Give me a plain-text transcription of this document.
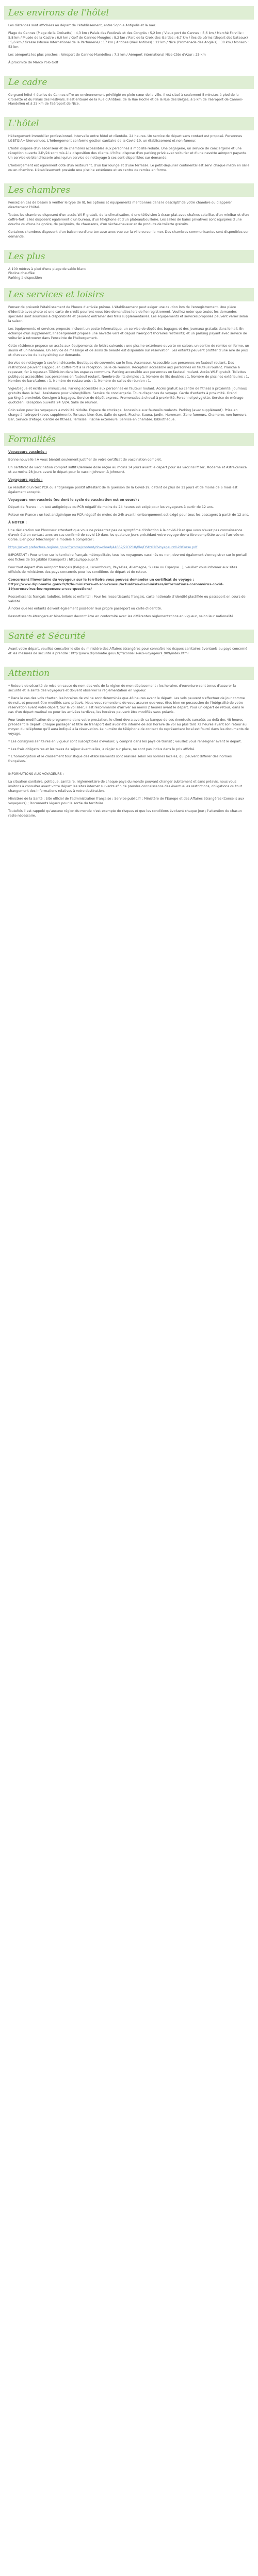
Les environs de l'hôtel

Les distances sont affichées au départ de l'établissement, entre Sophia Antipolis et la mer.

Plage de Cannes (Plage de la Croisette) : 4,3 km / Palais des Festivals et des Congrès : 5,2 km / Vieux port de Cannes : 5,6 km / Marché Forville : 5,8 km / Musée de la Castre : 6,0 km / Golf de Cannes-Mougins : 8,2 km / Parc de la Croix-des-Gardes : 6,7 km / Îles de Lérins (départ des bateaux) : 5,6 km / Grasse (Musée International de la Parfumerie) : 17 km / Antibes (Vieil Antibes) : 12 km / Nice (Promenade des Anglais) : 30 km / Monaco : 52 km

Les aéroports les plus proches : Aéroport de Cannes-Mandelieu : 7,3 km / Aéroport international Nice Côte d'Azur : 25 km

À proximité de Marco Polo Golf

Le cadre

Ce grand hôtel 4 étoiles de Cannes offre un environnement privilégié en plein cœur de la ville. Il est situé à seulement 5 minutes à pied de la Croisette et du Palais des Festivals. Il est entouré de la Rue d'Antibes, de la Rue Hoche et de la Rue des Belges, à 5 km de l'aéroport de Cannes-Mandelieu et à 25 km de l'aéroport de Nice.

L'hôtel

Hébergement immobilier professionnel. Intervalle entre hôtel et clientèle. 24 heures. Un service de départ sans contact est proposé. Personnes LGBTQIA+ bienvenues. L'hébergement conforme gestion sanitaire de la Covid-19, un établissement et non-fumeur.

L'hôtel dispose d'un ascenseur et de chambres accessibles aux personnes à mobilité réduite. Une bagagerie, un service de conciergerie et une réception ouverte 24h/24 sont mis à la disposition des clients. L'hôtel dispose d'un parking privé avec voiturier et d'une navette aéroport payante. Un service de blanchisserie ainsi qu'un service de nettoyage à sec sont disponibles sur demande.

L'hébergement est également doté d'un restaurant, d'un bar lounge et d'une terrasse. Le petit-déjeuner continental est servi chaque matin en salle ou en chambre. L'établissement possède une piscine extérieure et un centre de remise en forme.

Les chambres

Pensez en cas de besoin à vérifier le type de lit, les options et équipements mentionnés dans le descriptif de votre chambre ou d'appeler directement l'hôtel.

Toutes les chambres disposent d'un accès Wi-Fi gratuit, de la climatisation, d'une télévision à écran plat avec chaînes satellite, d'un minibar et d'un coffre-fort. Elles disposent également d'un bureau, d'un téléphone et d'un plateau/bouilloire. Les salles de bains privatives sont équipées d'une douche ou d'une baignoire, de peignoirs, de chaussons, d'un sèche-cheveux et de produits de toilette gratuits.

Certaines chambres disposent d'un balcon ou d'une terrasse avec vue sur la ville ou sur la mer. Des chambres communicantes sont disponibles sur demande.

Les plus

À 100 mètres à pied d'une plage de sable blanc

Piscine chauffée

Parking à disposition

Les services et loisirs

Pensez de prévenir l'établissement de l'heure d'arrivée prévue. L'établissement peut exiger une caution lors de l'enregistrement. Une pièce d'identité avec photo et une carte de crédit pourront vous être demandées lors de l'enregistrement. Veuillez noter que toutes les demandes spéciales sont soumises à disponibilité et peuvent entraîner des frais supplémentaires. Les équipements et services proposés peuvent varier selon la saison.

Les équipements et services proposés incluent un poste informatique, un service de dépôt des bagages et des journaux gratuits dans le hall. En échange d'un supplément, l'hébergement propose une navette vers et depuis l'aéroport (horaires restreints) et un parking payant avec service de voiturier à retrouver dans l'enceinte de l'hébergement.

Cette résidence propose un accès aux équipements de loisirs suivants : une piscine extérieure ouverte en saison, un centre de remise en forme, un sauna et un hammam. Un service de massage et de soins de beauté est disponible sur réservation. Les enfants peuvent profiter d'une aire de jeux et d'un service de baby-sitting sur demande.

Service de nettoyage à sec/blanchisserie. Boutiques de souvenirs sur le lieu, Ascenseur. Accessible aux personnes en fauteuil roulant. Des restrictions peuvent s'appliquer. Coffre-fort à la réception. Salle de réunion. Réception accessible aux personnes en fauteuil roulant. Planche à repasser, fer à repasser. Télévision dans les espaces communs. Parking accessible aux personnes en fauteuil roulant. Accès Wi-Fi gratuit. Toilettes publiques accessibles aux personnes en fauteuil roulant. Nombre de lits simples : 1, Nombre de lits doubles : 1, Nombre de piscines extérieures : 1, Nombre de bars/salons : 1, Nombre de restaurants : 1, Nombre de salles de réunion : 1.

Vigie/bague et écrits en minuscules. Parking accessible aux personnes en fauteuil roulant. Accès gratuit au centre de fitness à proximité. Journaux gratuits dans le hall. Assistance pour visites/billets. Service de conciergerie. Tours d'agences de voyage. Garde d'enfants à proximité. Grand parking à proximité. Consigne à bagages. Service de dépôt express. Promenades à cheval à proximité. Personnel polyglotte. Service de ménage quotidien. Réception ouverte 24 h/24. Salle de réunion.

Coin salon pour les voyageurs à mobilité réduite. Espace de stockage. Accessible aux fauteuils roulants. Parking (avec supplément). Prise en charge à l'aéroport (avec supplément). Terrasse bien-être. Salle de sport. Piscine. Sauna. Jardin. Hammam. Zone fumeurs. Chambres non-fumeurs. Bar, Service d'étage. Centre de fitness. Terrasse. Piscine extérieure. Service en chambre. Bibliothèque.

Formalités

Voyageurs vaccinés :

Bonne nouvelle ! À vous bientôt seulement justifier de votre certificat de vaccination complet.

Un certificat de vaccination complet suffit (dernière dose reçue au moins 14 jours avant le départ pour les vaccins Pfizer, Moderna et AstraZeneca et au moins 28 jours avant le départ pour le vaccin Johnson & Johnson).

Voyageurs guéris :

Le résultat d'un test PCR ou antigénique positif attestant de la guérison de la Covid-19, datant de plus de 11 jours et de moins de 6 mois est également accepté.

Voyageurs non vaccinés (ou dont le cycle de vaccination est en cours) :

Départ de France : un test antigénique ou PCR négatif de moins de 24 heures est exigé pour les voyageurs à partir de 12 ans.

Retour en France : un test antigénique ou PCR négatif de moins de 24h avant l'embarquement est exigé pour tous les passagers à partir de 12 ans.

À NOTER :

Une déclaration sur l'honneur attestant que vous ne présentez pas de symptôme d'infection à la covid-19 et que vous n'avez pas connaissance d'avoir été en contact avec un cas confirmé de covid-19 dans les quatorze jours précédant votre voyage devra être complétée avant l'arrivée en Corse. Lien pour télécharger le modèle à compléter :

https://www.prefecture-regions.gouv.fr/corse/content/download/44669/293218/file/DSH%20Voyageurs%20Corse.pdf

IMPORTANT : Pour entrer sur le territoire français métropolitain, tous les voyageurs vaccinés ou non, devront également s'enregistrer sur le portail des fiches de traçabilité (transport) : https://app.eupl.fr

Pour tout départ d'un aéroport français (Belgique, Luxembourg, Pays-Bas, Allemagne, Suisse ou Espagne...), veuillez vous informer aux sites officiels de ministères des pays concernés pour les conditions de départ et de retour.

Concernant l'inventaire du voyageur sur le territoire vous pouvez demander un certificat de voyage : https://www.diplomatie.gouv.fr/fr/le-ministere-et-son-reseau/actualites-du-ministere/informations-coronavirus-covid-19/coronavirus-les-reponses-a-vos-questions/

Ressortissants français (adultes, bébés et enfants) : Pour les ressortissants français, carte nationale d'identité plastifiée ou passeport en cours de validité.

À noter que les enfants doivent également posséder leur propre passeport ou carte d'identité.

Ressortissants étrangers et binationaux devront être en conformité avec les différentes réglementations en vigueur, selon leur nationalité.

Santé et Sécurité

Avant votre départ, veuillez consulter le site du ministère des Affaires étrangères pour connaître les risques sanitaires éventuels au pays concerné et les mesures de sécurité à prendre : http://www.diplomatie.gouv.fr/fr/conseils-aux-voyageurs_909/index.html

Attention

* Retours de sécurité de mise en cause du nom des vols de la région de mon déplacement : les horaires d'ouverture sont tenus d'assurer la sécurité et la santé des voyageurs et doivent observer la réglementation en vigueur.

* Dans le cas des vols charter, les horaires de vol ne sont déterminés que 48 heures avant le départ. Les vols peuvent s'effectuer de jour comme de nuit, et peuvent être modifiés sans préavis. Nous vous remercions de vous assurer que vous êtes bien en possession de l'intégralité de votre réservation avant votre départ. Sur le vol aller, il est recommandé d'arriver au moins 2 heures avant le départ. Pour un départ de retour, dans le cas d'un départ matinal ou pour les arrivées tardives, les horaires peuvent être modifiés sans préavis.

Pour toute modification de programme dans votre prestation, le client devra avertir sa banque de ces éventuels surcoûts au-delà des 48 heures précédant le départ. Chaque passager et titre de transport doit avoir été informé de son horaire de vol au plus tard 72 heures avant son retour au moyen du téléphone qu'il aura indiqué à la réservation. Le numéro de téléphone de contact du représentant local est fourni dans les documents de voyage.

* Les consignes sanitaires en vigueur sont susceptibles d'évoluer, y compris dans les pays de transit ; veuillez vous renseigner avant le départ.

* Les frais obligatoires et les taxes de séjour éventuelles, à régler sur place, ne sont pas inclus dans le prix affiché.

* L'homologation et le classement touristique des établissements sont réalisés selon les normes locales, qui peuvent différer des normes françaises.

INFORMATIONS AUX VOYAGEURS :

La situation sanitaire, politique, sanitaire, réglementaire de chaque pays du monde pouvant changer subitement et sans préavis, nous vous invitons à consulter avant votre départ les sites internet suivants afin de prendre connaissance des éventuelles restrictions, obligations ou tout changement des informations relatives à votre destination.

Ministère de la Santé ; Site officiel de l'administration française : Service-public.fr ; Ministère de l'Europe et des Affaires étrangères (Conseils aux voyageurs) ; Documents légaux pour la sortie du territoire.

Toutefois il est rappelé qu'aucune région du monde n'est exempte de risques et que les conditions évoluent chaque jour ; l'attention de chacun reste nécessaire.
